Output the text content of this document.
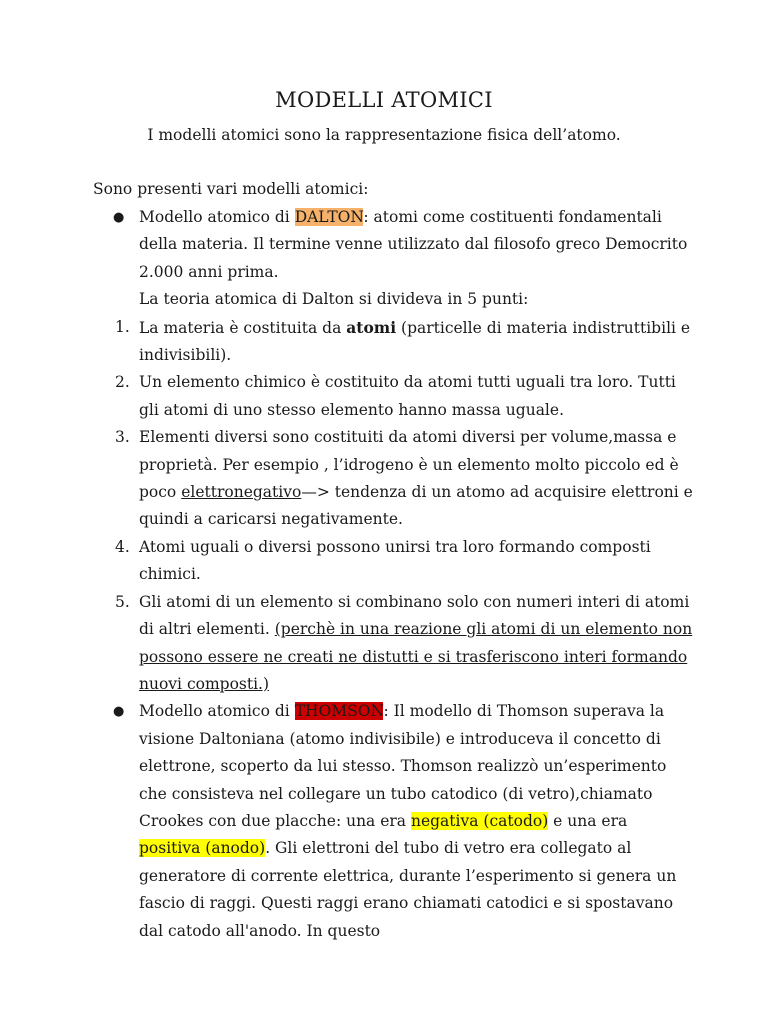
MODELLI ATOMICI
I modelli atomici sono la rappresentazione fisica dell’atomo.
Sono presenti vari modelli atomici:
● Modello atomico di DALTON: atomi come costituenti fondamentali della materia. Il termine venne utilizzato dal filosofo greco Democrito 2.000 anni prima.
La teoria atomica di Dalton si divideva in 5 punti:
1. La materia è costituita da atomi (particelle di materia indistruttibili e indivisibili).
2. Un elemento chimico è costituito da atomi tutti uguali tra loro. Tutti gli atomi di uno stesso elemento hanno massa uguale.
3. Elementi diversi sono costituiti da atomi diversi per volume,massa e proprietà. Per esempio , l’idrogeno è un elemento molto piccolo ed è poco elettronegativo—> tendenza di un atomo ad acquisire elettroni e quindi a caricarsi negativamente.
4. Atomi uguali o diversi possono unirsi tra loro formando composti chimici.
5. Gli atomi di un elemento si combinano solo con numeri interi di atomi di altri elementi. (perchè in una reazione gli atomi di un elemento non possono essere ne creati ne distutti e si trasferiscono interi formando nuovi composti.)
● Modello atomico di THOMSON: Il modello di Thomson superava la visione Daltoniana (atomo indivisibile) e introduceva il concetto di elettrone, scoperto da lui stesso. Thomson realizzò un’esperimento che consisteva nel collegare un tubo catodico (di vetro),chiamato Crookes con due placche: una era negativa (catodo) e una era positiva (anodo). Gli elettroni del tubo di vetro era collegato al generatore di corrente elettrica, durante l’esperimento si genera un fascio di raggi. Questi raggi erano chiamati catodici e si spostavano dal catodo all'anodo. In questo
